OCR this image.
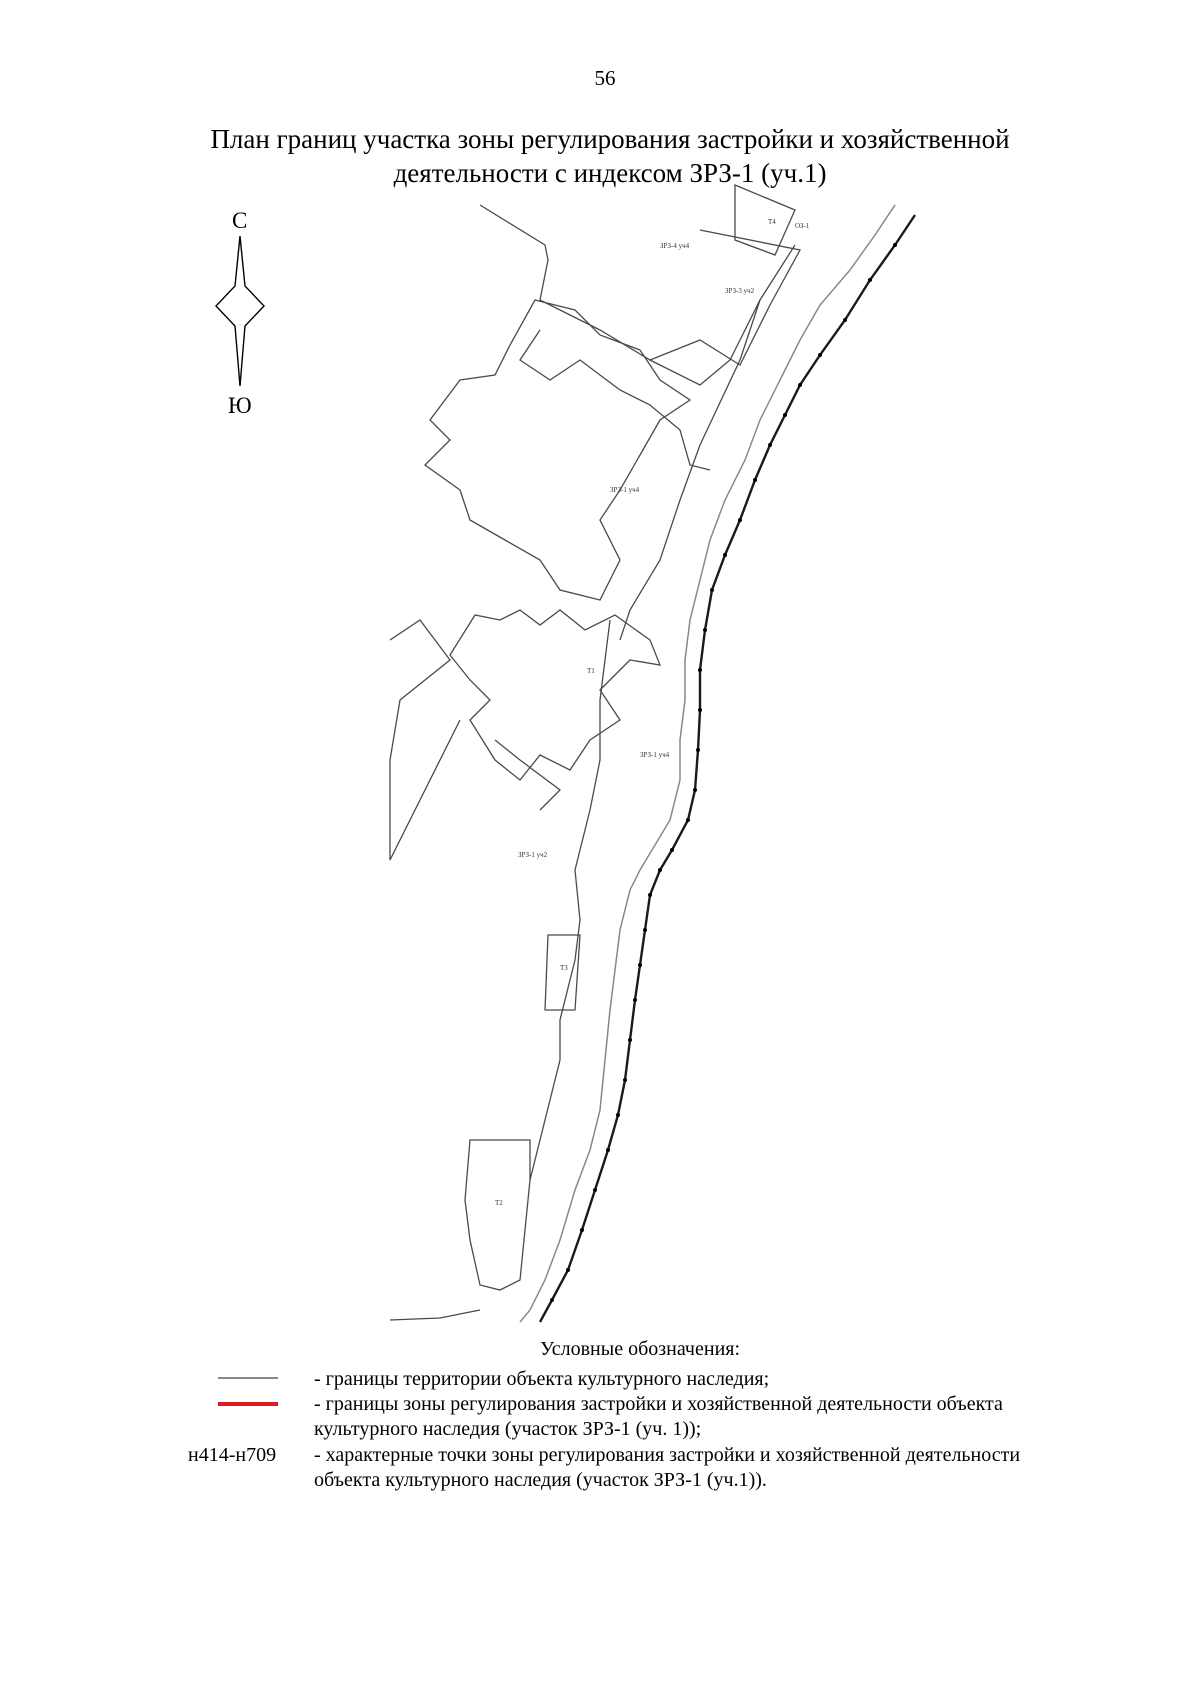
56
План границ участка зоны регулирования застройки и хозяйственной
деятельности с индексом ЗРЗ-1 (уч.1)
С
Ю
ЗРЗ-4 уч4
ЗРЗ-3 уч2
Т4	ОЗ-1
ЗРЗ-1 уч4
Т1
ЗРЗ-1 уч4
ЗРЗ-1 уч2
Т3
Т2
Условные обозначения:
- границы территории объекта культурного наследия;
- границы зоны регулирования застройки и хозяйственной деятельности объекта
культурного наследия (участок ЗРЗ-1 (уч. 1));
н414-н709 - характерные точки зоны регулирования застройки и хозяйственной деятельности
объекта культурного наследия (участок ЗРЗ-1 (уч.1)).
